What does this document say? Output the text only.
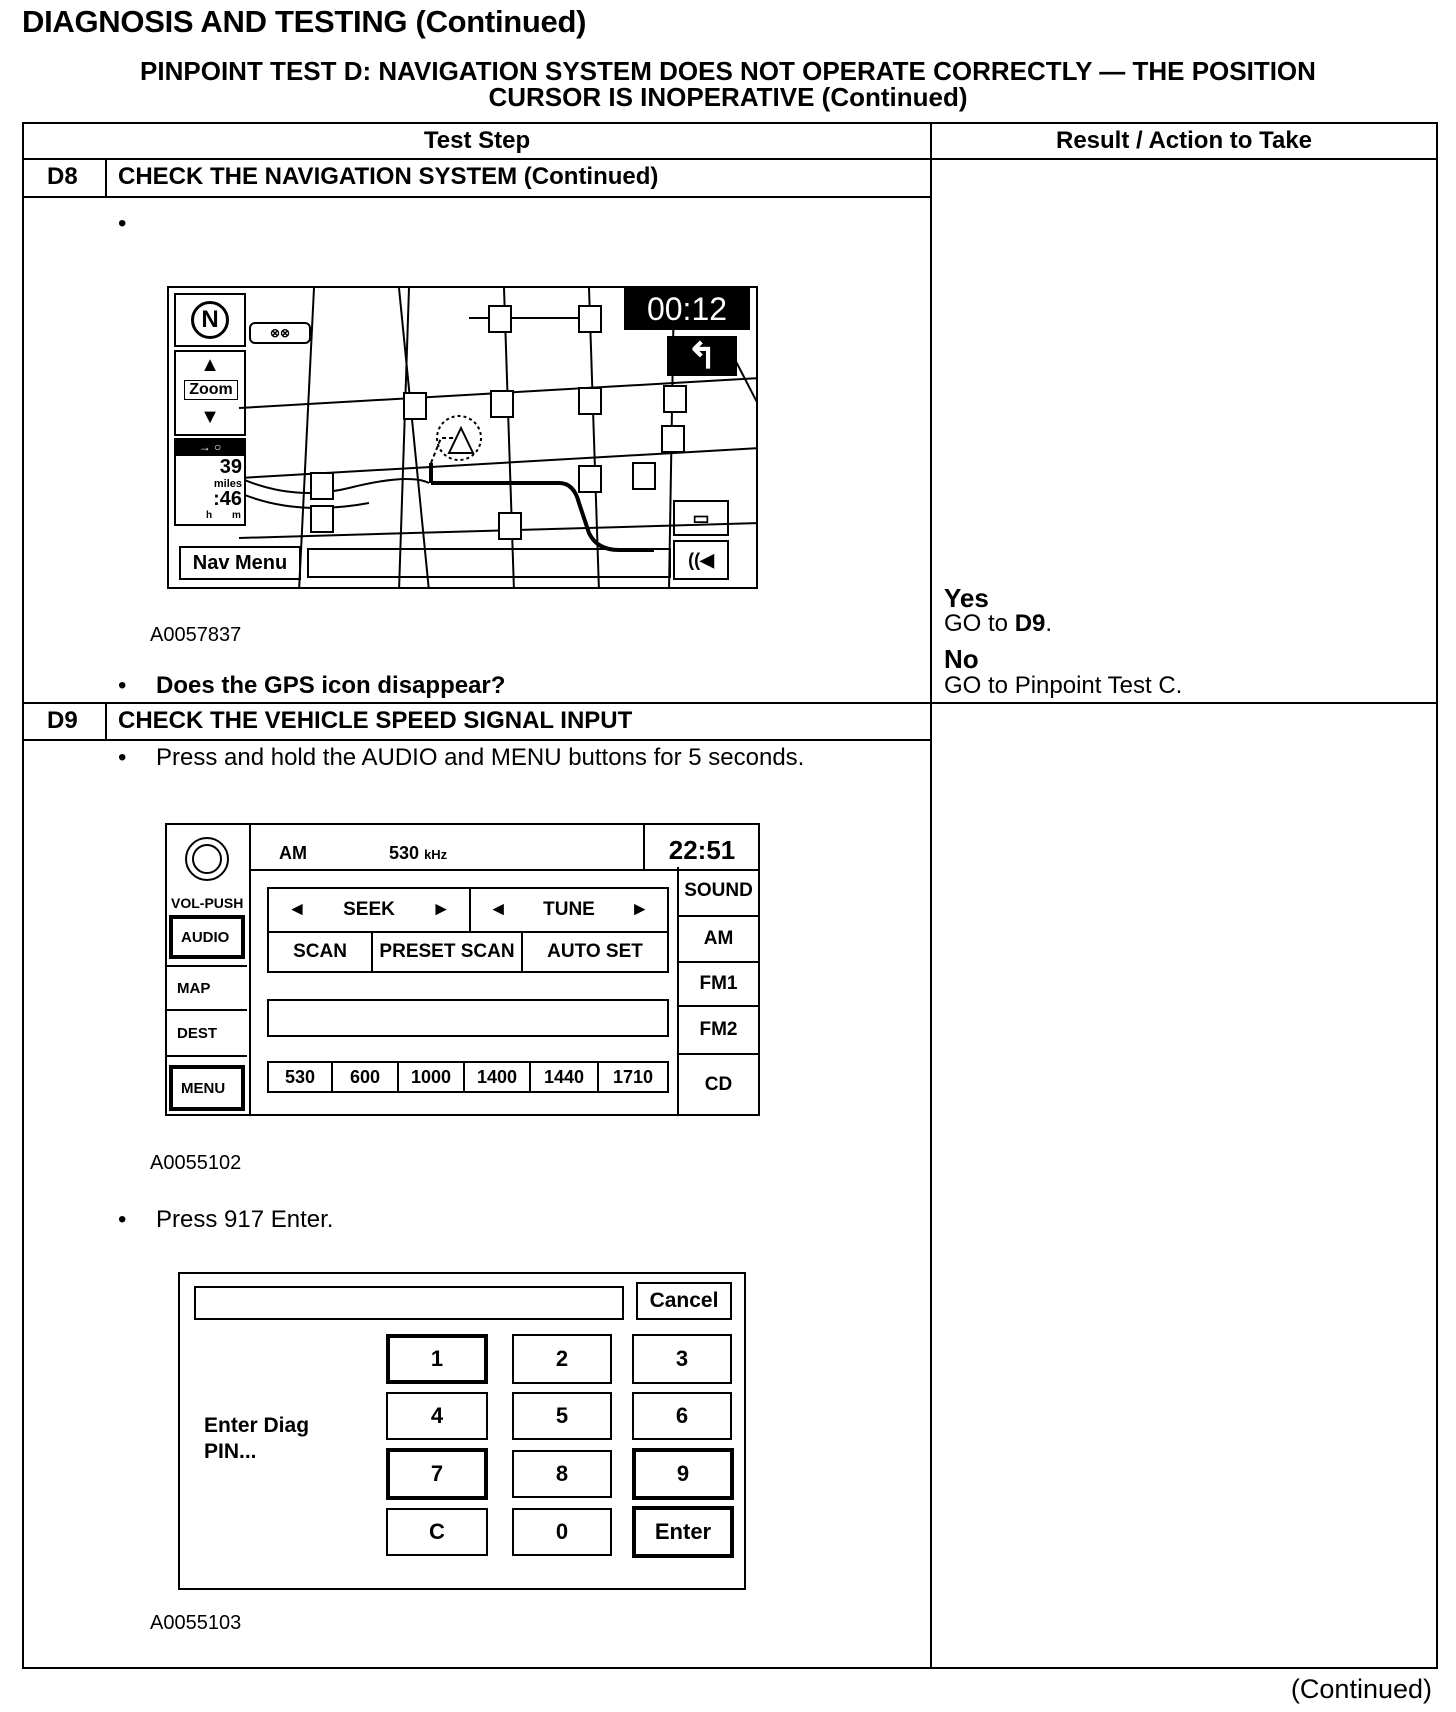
DIAGNOSIS AND TESTING (Continued)
PINPOINT TEST D: NAVIGATION SYSTEM DOES NOT OPERATE CORRECTLY — THE POSITION
CURSOR IS INOPERATIVE (Continued)
Test Step	Result / Action to Take
D8 CHECK THE NAVIGATION SYSTEM (Continued)
•
N	⊗⊗
▲
Zoom
▼
→ ○
39
miles
:46
h m
00:12
↰
▭
((◀
Nav Menu
A0057837
• Does the GPS icon disappear?
Yes
GO to D9.
No
GO to Pinpoint Test C.
D9 CHECK THE VEHICLE SPEED SIGNAL INPUT
• Press and hold the AUDIO and MENU buttons for 5 seconds.
VOL-PUSH
AUDIO
MAP
DEST
MENU
AM	530 kHz	22:51
SOUND
AM
FM1
FM2
CD
◄ SEEK ► ◄ TUNE ►
SCAN	PRESET SCAN	AUTO SET
530	600	1000	1400	1440	1710
A0055102
• Press 917 Enter.
Cancel
Enter Diag
PIN...
1	2	3
4	5	6
7	8	9
C	0	Enter
A0055103
(Continued)
